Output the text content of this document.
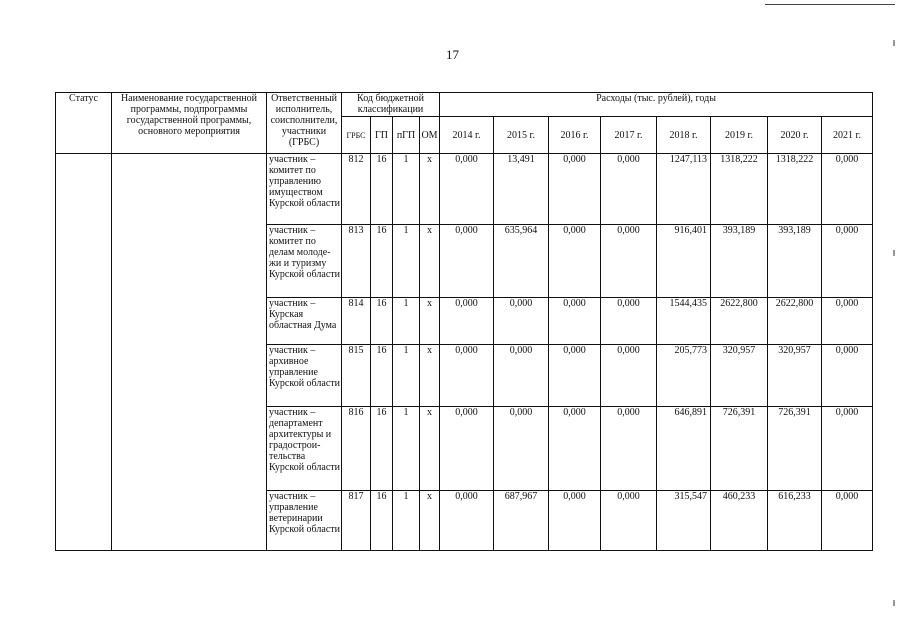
17
Статус	Наименование государственной программы, подпрограммы государственной программы, основного мероприятия	Ответственный исполнитель, соисполнители, участники (ГРБС)	Код бюджетной классификации				Расходы (тыс. рублей), годы							
			ГРБС	ГП	пГП	ОМ	2014 г.	2015 г.	2016 г.	2017 г.	2018 г.	2019 г.	2020 г.	2021 г.
		участник – комитет по управлению имуществом Курской области	812	16	1	х	0,000	13,491	0,000	0,000	1247,113	1318,222	1318,222	0,000
		участник – комитет по делам молоде-жи и туризму Курской области	813	16	1	х	0,000	635,964	0,000	0,000	916,401	393,189	393,189	0,000
		участник – Курская областная Дума	814	16	1	х	0,000	0,000	0,000	0,000	1544,435	2622,800	2622,800	0,000
		участник – архивное управление Курской области	815	16	1	х	0,000	0,000	0,000	0,000	205,773	320,957	320,957	0,000
		участник – департамент архитектуры и градострои-тельства Курской области	816	16	1	х	0,000	0,000	0,000	0,000	646,891	726,391	726,391	0,000
		участник – управление ветеринарии Курской области	817	16	1	х	0,000	687,967	0,000	0,000	315,547	460,233	616,233	0,000
